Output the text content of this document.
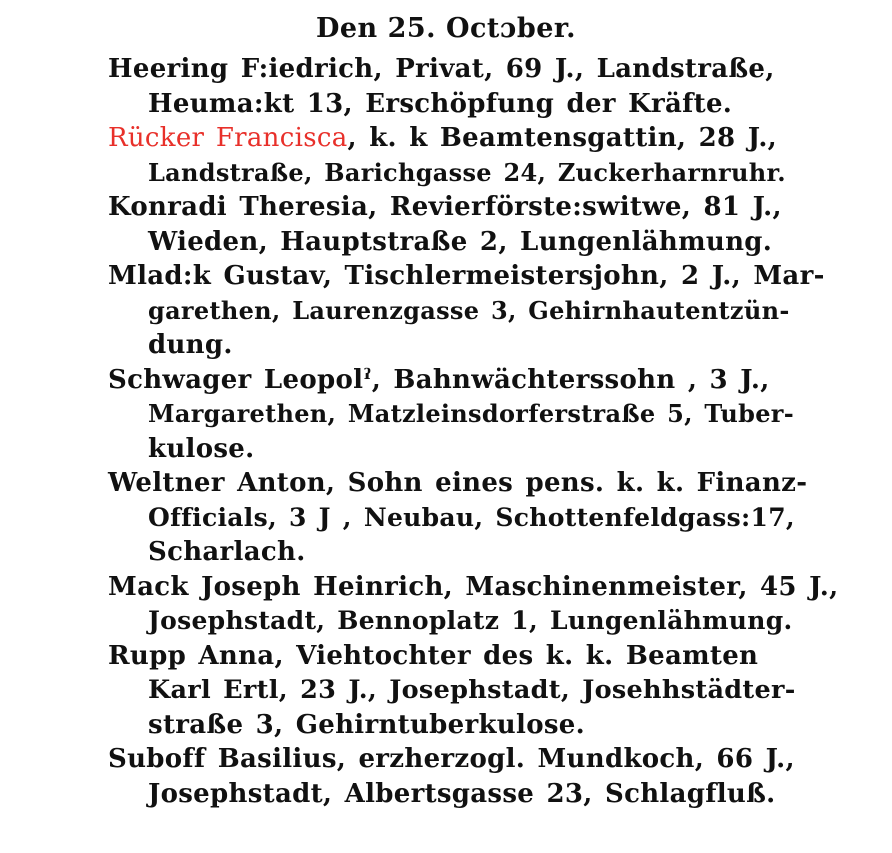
Den 25. Octɔber.
Heering F:iedrich, Privat, 69 J., Landstraße,
Heuma:kt 13, Erschöpfung der Kräfte.
Rücker Francisca, k. k Beamtensgattin, 28 J.,
Landstraße, Barichgasse 24, Zuckerharnruhr.
Konradi Theresia, Revierförste:switwe, 81 J.,
Wieden, Hauptstraße 2, Lungenlähmung.
Mlad:k Gustav, Tischlermeistersjohn, 2 J., Mar-
garethen, Laurenzgasse 3, Gehirnhautentzün-
dung.
Schwager Leopolˀ, Bahnwächterssohn , 3 J.,
Margarethen, Matzleinsdorferstraße 5, Tuber-
kulose.
Weltner Anton, Sohn eines pens. k. k. Finanz-
Officials, 3 J , Neubau, Schottenfeldgass:17,
Scharlach.
Mack Joseph Heinrich, Maschinenmeister, 45 J.,
Josephstadt, Bennoplatz 1, Lungenlähmung.
Rupp Anna, Viehtochter des k. k. Beamten
Karl Ertl, 23 J., Josephstadt, Josehhstädter-
straße 3, Gehirntuberkulose.
Suboff Basilius, erzherzogl. Mundkoch, 66 J.,
Josephstadt, Albertsgasse 23, Schlagfluß.
